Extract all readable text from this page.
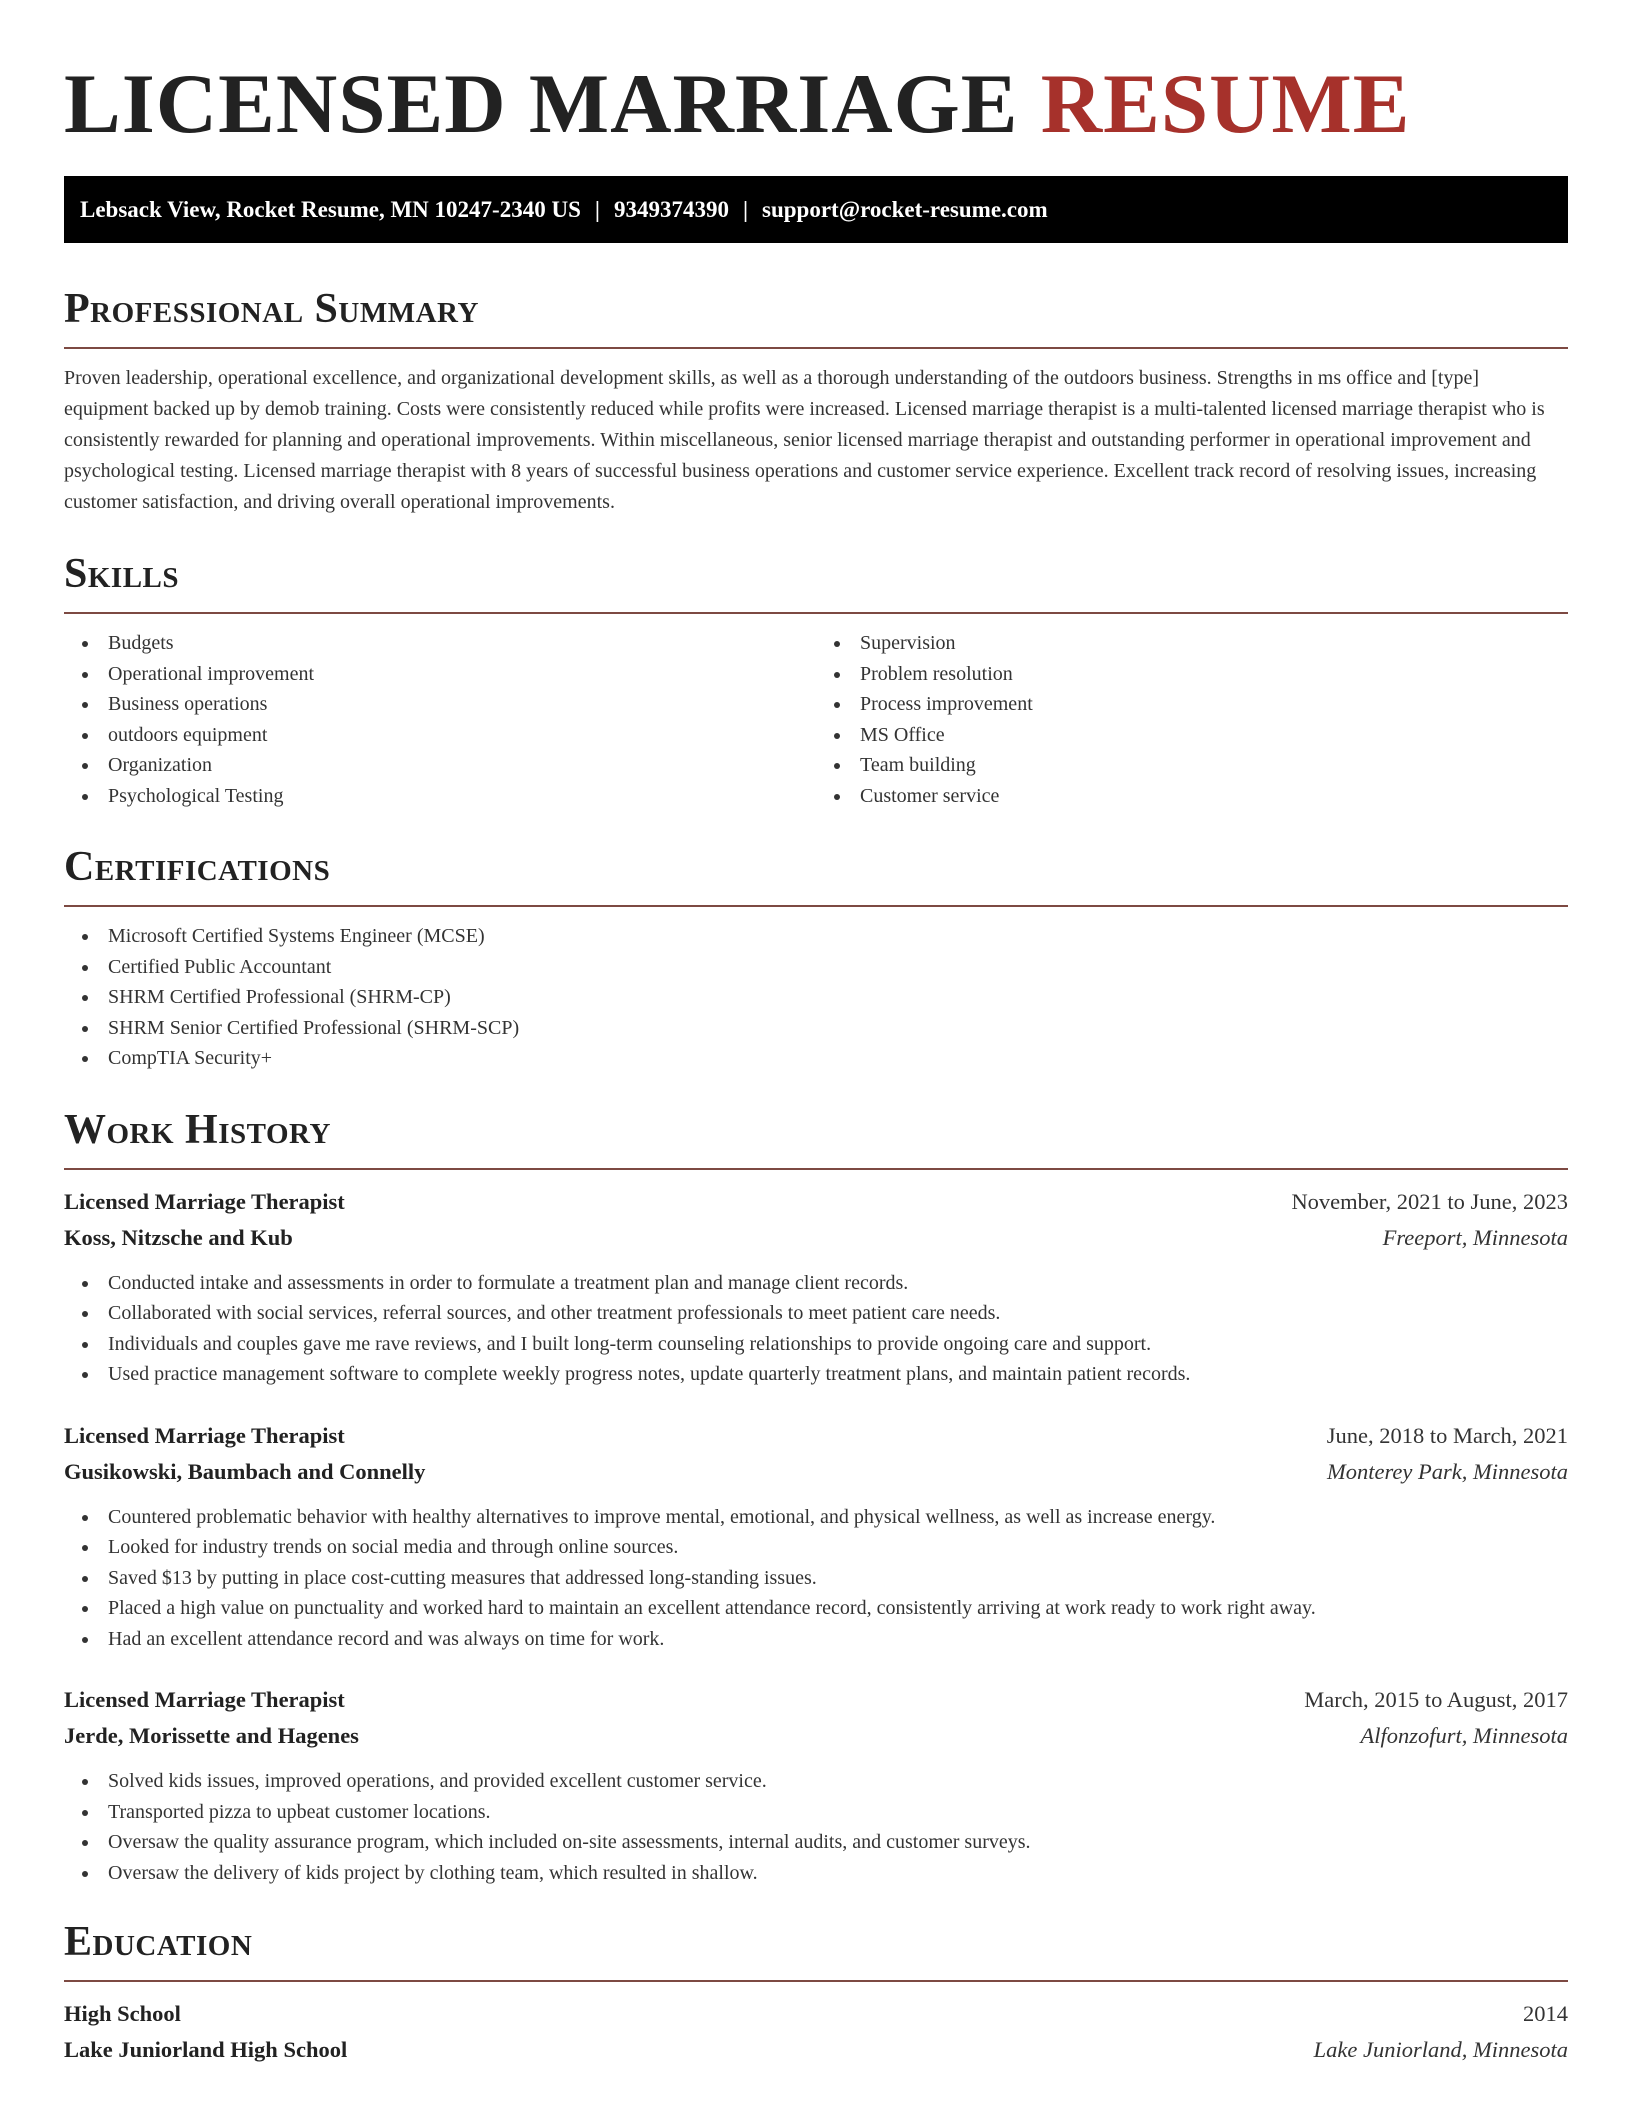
LICENSED MARRIAGE RESUME
Lebsack View, Rocket Resume, MN 10247-2340 US | 9349374390 | support@rocket-resume.com
Professional Summary

Proven leadership, operational excellence, and organizational development skills, as well as a thorough understanding of the outdoors business. Strengths in ms office and [type] equipment backed up by demob training. Costs were consistently reduced while profits were increased. Licensed marriage therapist is a multi-talented licensed marriage therapist who is consistently rewarded for planning and operational improvements. Within miscellaneous, senior licensed marriage therapist and outstanding performer in operational improvement and psychological testing. Licensed marriage therapist with 8 years of successful business operations and customer service experience. Excellent track record of resolving issues, increasing customer satisfaction, and driving overall operational improvements.

Skills
Budgets
Operational improvement
Business operations
outdoors equipment
Organization
Psychological Testing
Supervision
Problem resolution
Process improvement
MS Office
Team building
Customer service
Certifications
Microsoft Certified Systems Engineer (MCSE)
Certified Public Accountant
SHRM Certified Professional (SHRM-CP)
SHRM Senior Certified Professional (SHRM-SCP)
CompTIA Security+
Work History
Licensed Marriage Therapist	November, 2021 to June, 2023
Koss, Nitzsche and Kub	Freeport, Minnesota
Conducted intake and assessments in order to formulate a treatment plan and manage client records.
Collaborated with social services, referral sources, and other treatment professionals to meet patient care needs.
Individuals and couples gave me rave reviews, and I built long-term counseling relationships to provide ongoing care and support.
Used practice management software to complete weekly progress notes, update quarterly treatment plans, and maintain patient records.
Licensed Marriage Therapist	June, 2018 to March, 2021
Gusikowski, Baumbach and Connelly	Monterey Park, Minnesota
Countered problematic behavior with healthy alternatives to improve mental, emotional, and physical wellness, as well as increase energy.
Looked for industry trends on social media and through online sources.
Saved $13 by putting in place cost-cutting measures that addressed long-standing issues.
Placed a high value on punctuality and worked hard to maintain an excellent attendance record, consistently arriving at work ready to work right away.
Had an excellent attendance record and was always on time for work.
Licensed Marriage Therapist	March, 2015 to August, 2017
Jerde, Morissette and Hagenes	Alfonzofurt, Minnesota
Solved kids issues, improved operations, and provided excellent customer service.
Transported pizza to upbeat customer locations.
Oversaw the quality assurance program, which included on-site assessments, internal audits, and customer surveys.
Oversaw the delivery of kids project by clothing team, which resulted in shallow.
Education
High School	2014
Lake Juniorland High School	Lake Juniorland, Minnesota
